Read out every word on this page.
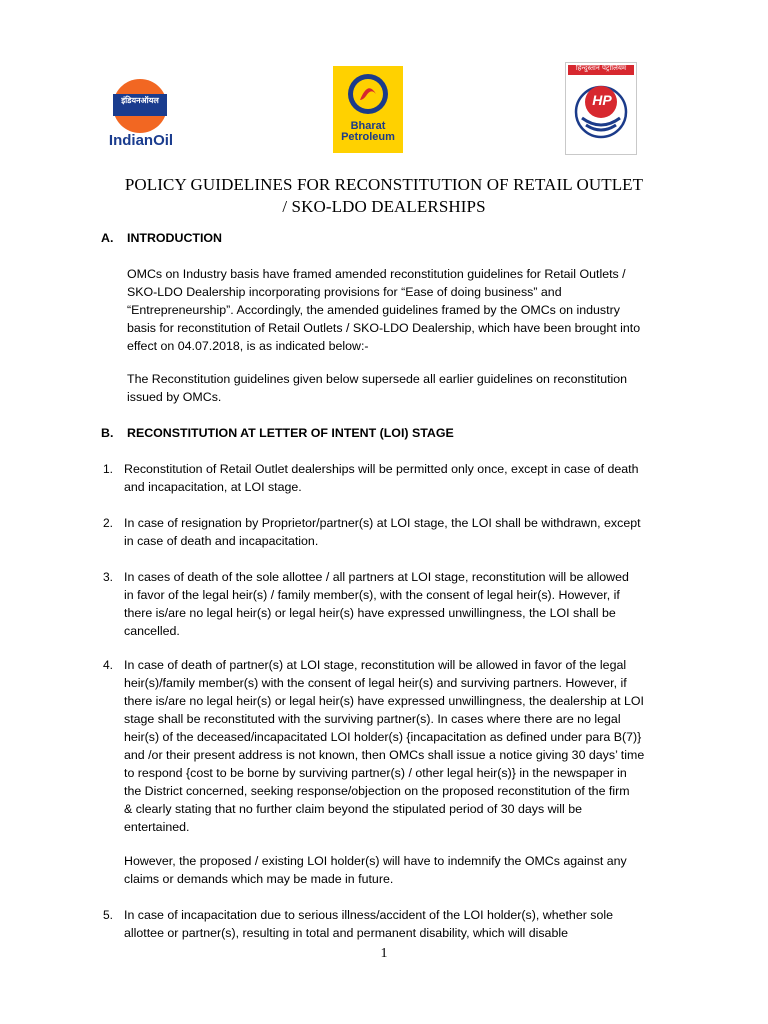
इंडियनऑयल
IndianOil
Bharat
Petroleum
हिन्दुस्तान पेट्रोलियम
HP
POLICY GUIDELINES FOR RECONSTITUTION OF RETAIL OUTLET
/ SKO-LDO DEALERSHIPS
A. INTRODUCTION
OMCs on Industry basis have framed amended reconstitution guidelines for Retail Outlets /
SKO-LDO Dealership incorporating provisions for “Ease of doing business” and
“Entrepreneurship”. Accordingly, the amended guidelines framed by the OMCs on industry
basis for reconstitution of Retail Outlets / SKO-LDO Dealership, which have been brought into
effect on 04.07.2018, is as indicated below:-
The Reconstitution guidelines given below supersede all earlier guidelines on reconstitution
issued by OMCs.
B. RECONSTITUTION AT LETTER OF INTENT (LOI) STAGE
1. Reconstitution of Retail Outlet dealerships will be permitted only once, except in case of death
and incapacitation, at LOI stage.
2. In case of resignation by Proprietor/partner(s) at LOI stage, the LOI shall be withdrawn, except
in case of death and incapacitation.
3. In cases of death of the sole allottee / all partners at LOI stage, reconstitution will be allowed
in favor of the legal heir(s) / family member(s), with the consent of legal heir(s). However, if
there is/are no legal heir(s) or legal heir(s) have expressed unwillingness, the LOI shall be
cancelled.
4. In case of death of partner(s) at LOI stage, reconstitution will be allowed in favor of the legal
heir(s)/family member(s) with the consent of legal heir(s) and surviving partners. However, if
there is/are no legal heir(s) or legal heir(s) have expressed unwillingness, the dealership at LOI
stage shall be reconstituted with the surviving partner(s). In cases where there are no legal
heir(s) of the deceased/incapacitated LOI holder(s) {incapacitation as defined under para B(7)}
and /or their present address is not known, then OMCs shall issue a notice giving 30 days’ time
to respond {cost to be borne by surviving partner(s) / other legal heir(s)} in the newspaper in
the District concerned, seeking response/objection on the proposed reconstitution of the firm
& clearly stating that no further claim beyond the stipulated period of 30 days will be
entertained.
However, the proposed / existing LOI holder(s) will have to indemnify the OMCs against any
claims or demands which may be made in future.
5. In case of incapacitation due to serious illness/accident of the LOI holder(s), whether sole
allottee or partner(s), resulting in total and permanent disability, which will disable
1
